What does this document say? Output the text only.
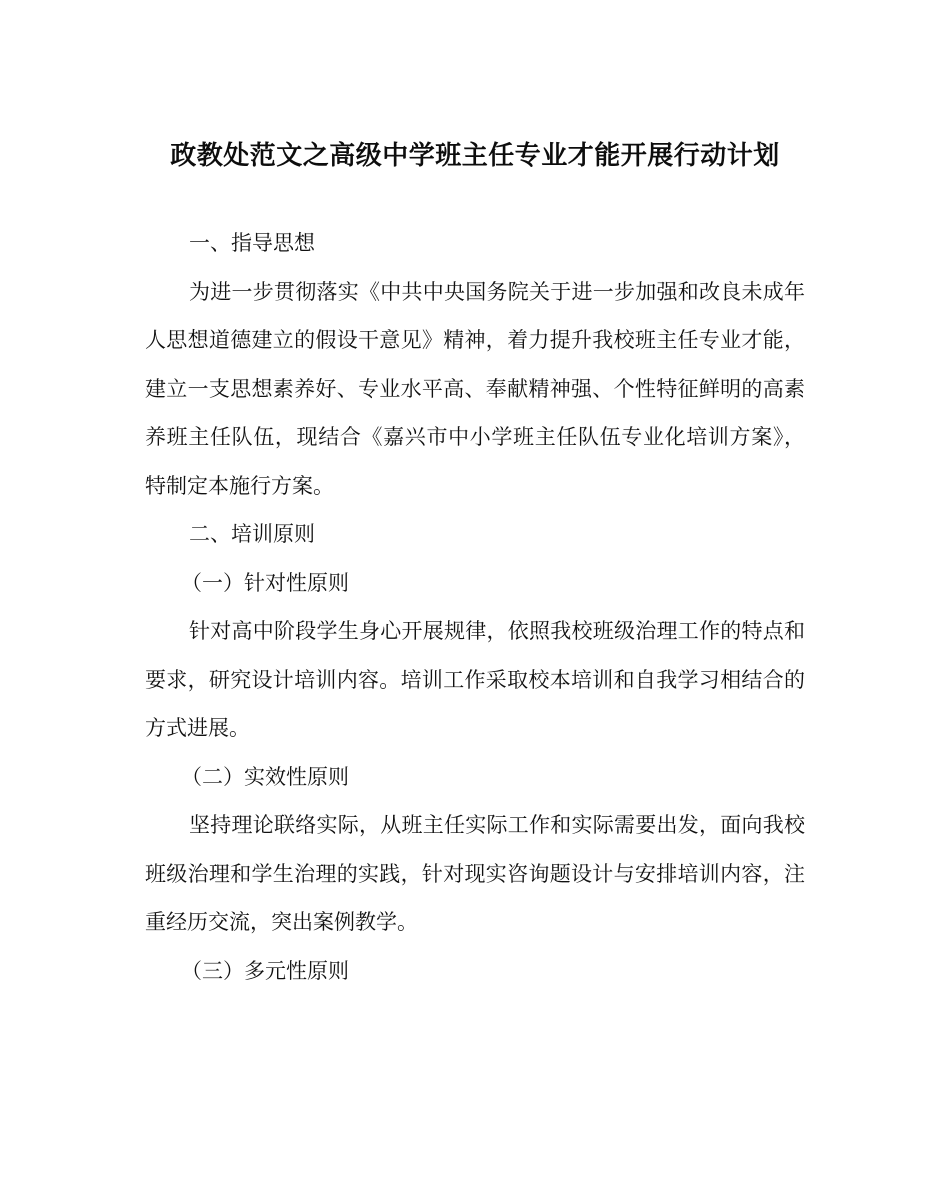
政教处范文之高级中学班主任专业才能开展行动计划

一、指导思想

为进一步贯彻落实《中共中央国务院关于进一步加强和改良未成年人思想道德建立的假设干意见》精神，着力提升我校班主任专业才能，建立一支思想素养好、专业水平高、奉献精神强、个性特征鲜明的高素养班主任队伍，现结合《嘉兴市中小学班主任队伍专业化培训方案》，特制定本施行方案。

二、培训原则

（一）针对性原则

针对高中阶段学生身心开展规律，依照我校班级治理工作的特点和要求，研究设计培训内容。培训工作采取校本培训和自我学习相结合的方式进展。

（二）实效性原则

坚持理论联络实际，从班主任实际工作和实际需要出发，面向我校班级治理和学生治理的实践，针对现实咨询题设计与安排培训内容，注重经历交流，突出案例教学。

（三）多元性原则
